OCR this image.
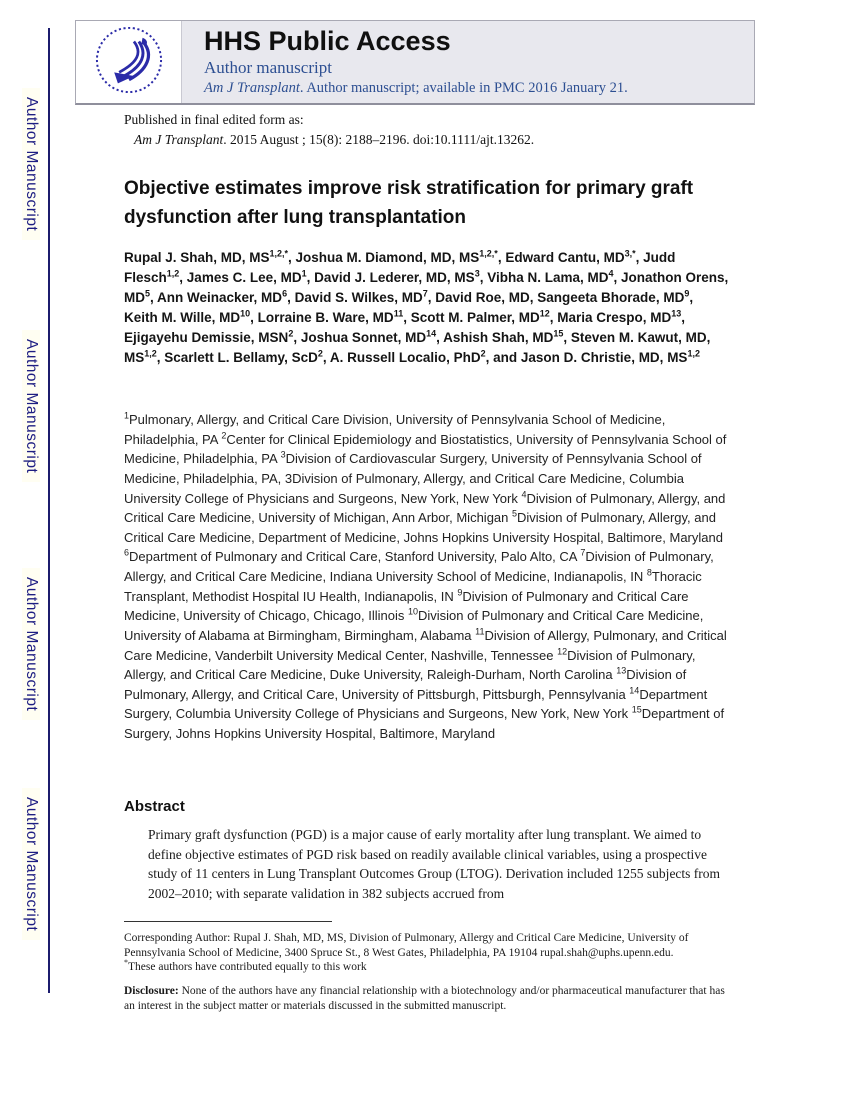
Author Manuscript
Author Manuscript
Author Manuscript
Author Manuscript
HHS Public Access
Author manuscript
Am J Transplant. Author manuscript; available in PMC 2016 January 21.
Published in final edited form as:
Am J Transplant. 2015 August ; 15(8): 2188–2196. doi:10.1111/ajt.13262.
Objective estimates improve risk stratification for primary graft dysfunction after lung transplantation
Rupal J. Shah, MD, $MS^{1,2,*}$, Joshua M. Diamond, MD, $MS^{1,2,*}$, Edward Cantu, $MD^{3,*}$, Judd Flesch$^{1,2}$, James C. Lee, $MD^1$, David J. Lederer, MD, $MS^3$, Vibha N. Lama, $MD^4$, Jonathon Orens, $MD^5$, Ann Weinacker, $MD^6$, David S. Wilkes, $MD^7$, David Roe, MD, Sangeeta Bhorade, $MD^9$, Keith M. Wille, MD$^{10}$, Lorraine B. Ware, MD$^{11}$, Scott M. Palmer, MD$^{12}$, Maria Crespo, MD$^{13}$, Ejigayehu Demissie, MSN$^2$, Joshua Sonnet, MD$^{14}$, Ashish Shah, MD$^{15}$, Steven M. Kawut, MD, MS$^{1,2}$, Scarlett L. Bellamy, ScD$^2$, A. Russell Localio, PhD$^2$, and Jason D. Christie, MD, MS$^{1,2}$
$^1$Pulmonary, Allergy, and Critical Care Division, University of Pennsylvania School of Medicine, Philadelphia, PA $^2$Center for Clinical Epidemiology and Biostatistics, University of Pennsylvania School of Medicine, Philadelphia, PA $^3$Division of Cardiovascular Surgery, University of Pennsylvania School of Medicine, Philadelphia, PA, 3Division of Pulmonary, Allergy, and Critical Care Medicine, Columbia University College of Physicians and Surgeons, New York, New York $^4$Division of Pulmonary, Allergy, and Critical Care Medicine, University of Michigan, Ann Arbor, Michigan $^5$Division of Pulmonary, Allergy, and Critical Care Medicine, Department of Medicine, Johns Hopkins University Hospital, Baltimore, Maryland $^6$Department of Pulmonary and Critical Care, Stanford University, Palo Alto, CA $^7$Division of Pulmonary, Allergy, and Critical Care Medicine, Indiana University School of Medicine, Indianapolis, IN $^8$Thoracic Transplant, Methodist Hospital IU Health, Indianapolis, IN $^9$Division of Pulmonary and Critical Care Medicine, University of Chicago, Chicago, Illinois $^{10}$Division of Pulmonary and Critical Care Medicine, University of Alabama at Birmingham, Birmingham, Alabama $^{11}$Division of Allergy, Pulmonary, and Critical Care Medicine, Vanderbilt University Medical Center, Nashville, Tennessee $^{12}$Division of Pulmonary, Allergy, and Critical Care Medicine, Duke University, Raleigh-Durham, North Carolina $^{13}$Division of Pulmonary, Allergy, and Critical Care, University of Pittsburgh, Pittsburgh, Pennsylvania $^{14}$Department Surgery, Columbia University College of Physicians and Surgeons, New York, New York $^{15}$Department of Surgery, Johns Hopkins University Hospital, Baltimore, Maryland
Abstract
Primary graft dysfunction (PGD) is a major cause of early mortality after lung transplant. We aimed to define objective estimates of PGD risk based on readily available clinical variables, using a prospective study of 11 centers in Lung Transplant Outcomes Group (LTOG). Derivation included 1255 subjects from 2002–2010; with separate validation in 382 subjects accrued from

Corresponding Author: Rupal J. Shah, MD, MS, Division of Pulmonary, Allergy and Critical Care Medicine, University of Pennsylvania School of Medicine, 3400 Spruce St., 8 West Gates, Philadelphia, PA 19104 rupal.shah@uphs.upenn.edu.
*These authors have contributed equally to this work

Disclosure: None of the authors have any financial relationship with a biotechnology and/or pharmaceutical manufacturer that has an interest in the subject matter or materials discussed in the submitted manuscript.
